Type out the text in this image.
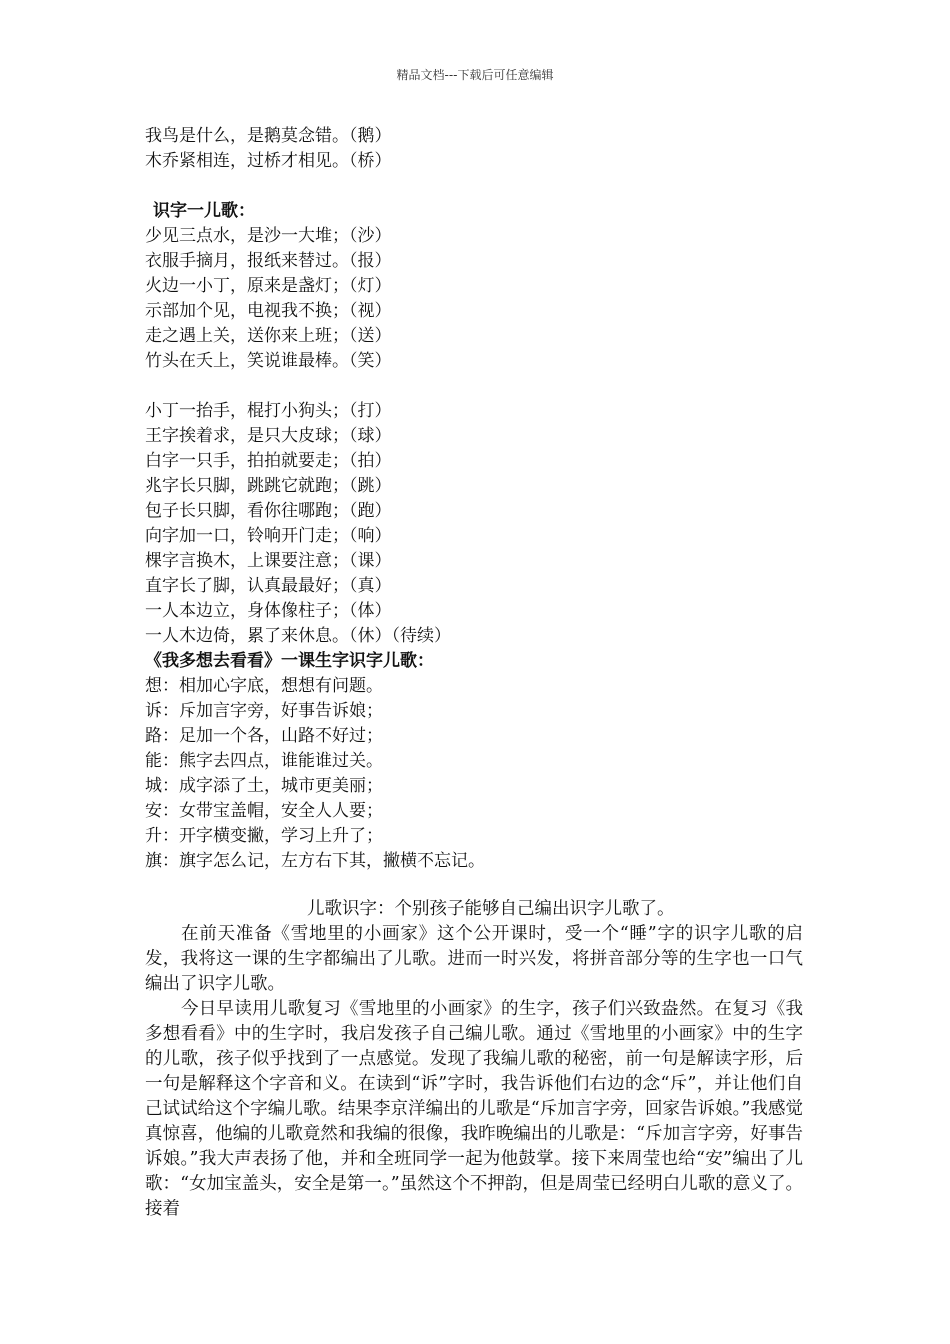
精品文档---下载后可任意编辑
我鸟是什么，是鹅莫念错。（鹅）
木乔紧相连，过桥才相见。（桥）
识字一儿歌：
少见三点水，是沙一大堆；（沙）
衣服手摘月，报纸来替过。（报）
火边一小丁，原来是盏灯；（灯）
示部加个见，电视我不换；（视）
走之遇上关，送你来上班；（送）
竹头在夭上，笑说谁最棒。（笑）
小丁一抬手，棍打小狗头；（打）
王字挨着求，是只大皮球；（球）
白字一只手，拍拍就要走；（拍）
兆字长只脚，跳跳它就跑；（跳）
包子长只脚，看你往哪跑；（跑）
向字加一口，铃响开门走；（响）
棵字言换木，上课要注意；（课）
直字长了脚，认真最最好；（真）
一人本边立，身体像柱子；（体）
一人木边倚，累了来休息。（休）（待续）
《我多想去看看》一课生字识字儿歌：
想：相加心字底，想想有问题。
诉：斥加言字旁，好事告诉娘；
路：足加一个各，山路不好过；
能：熊字去四点，谁能谁过关。
城：成字添了土，城市更美丽；
安：女带宝盖帽，安全人人要；
升：开字横变撇，学习上升了；
旗：旗字怎么记，左方右下其，撇横不忘记。
儿歌识字：个别孩子能够自己编出识字儿歌了。
在前天准备《雪地里的小画家》这个公开课时，受一个“睡”字的识字儿歌的启发，我将这一课的生字都编出了儿歌。进而一时兴发，将拼音部分等的生字也一口气编出了识字儿歌。
今日早读用儿歌复习《雪地里的小画家》的生字，孩子们兴致盎然。在复习《我多想看看》中的生字时，我启发孩子自己编儿歌。通过《雪地里的小画家》中的生字的儿歌，孩子似乎找到了一点感觉。发现了我编儿歌的秘密，前一句是解读字形，后一句是解释这个字音和义。在读到“诉”字时，我告诉他们右边的念“斥”，并让他们自己试试给这个字编儿歌。结果李京洋编出的儿歌是“斥加言字旁，回家告诉娘。”我感觉真惊喜，他编的儿歌竟然和我编的很像，我昨晚编出的儿歌是：“斥加言字旁，好事告诉娘。”我大声表扬了他，并和全班同学一起为他鼓掌。接下来周莹也给“安”编出了儿歌：“女加宝盖头，安全是第一。”虽然这个不押韵，但是周莹已经明白儿歌的意义了。接着
